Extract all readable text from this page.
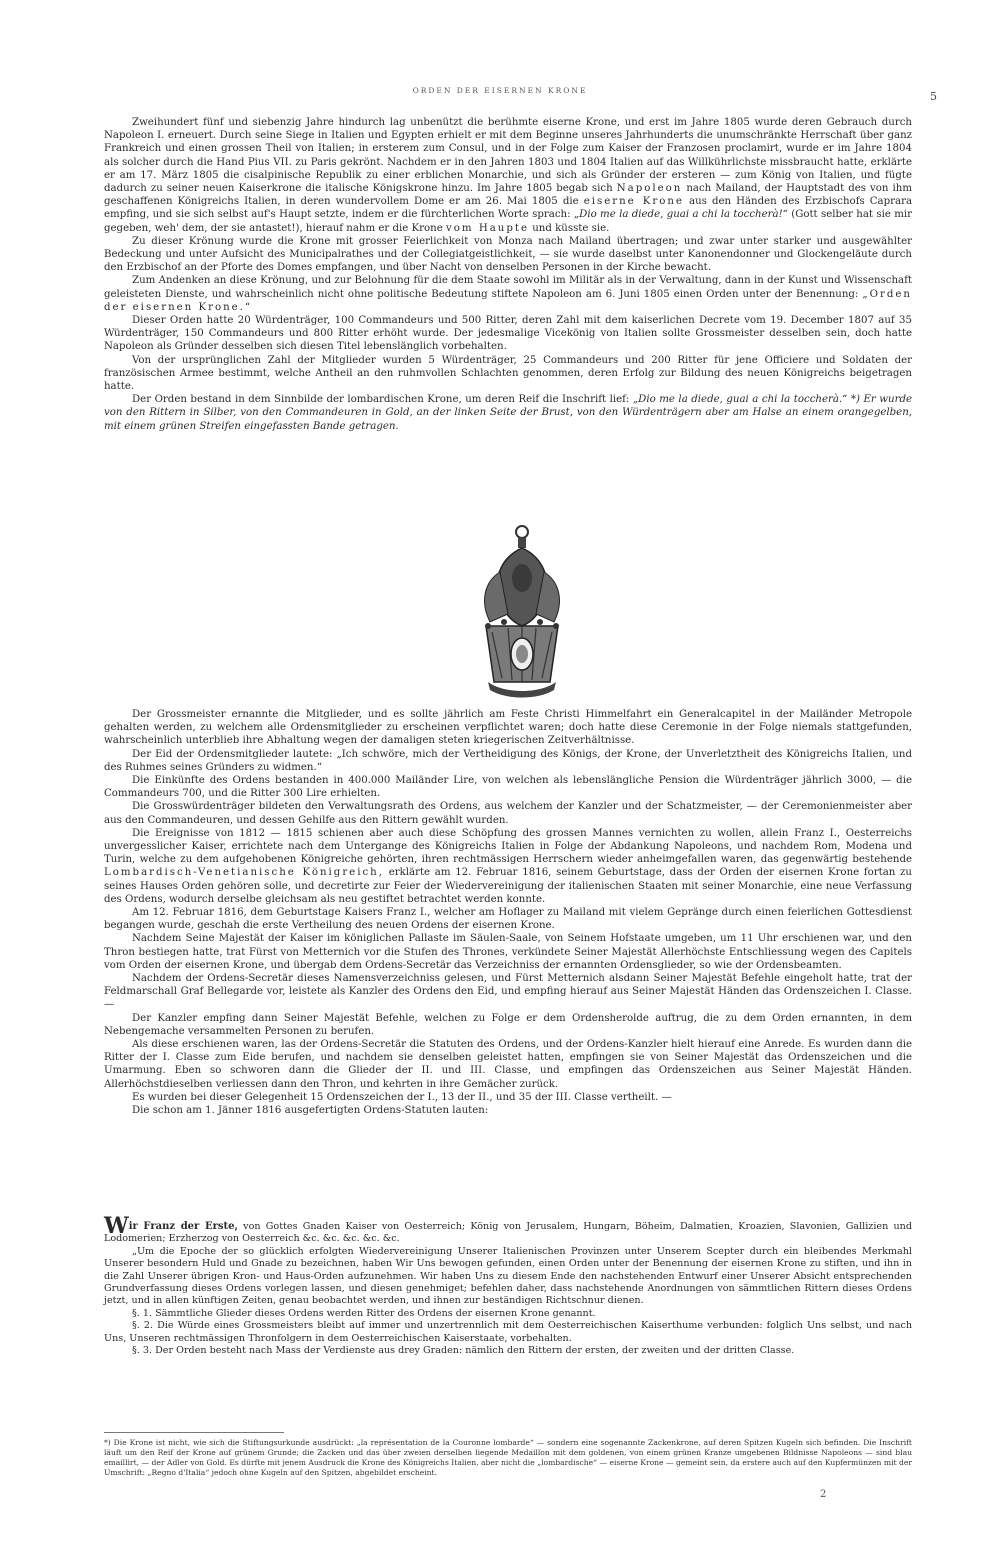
ORDEN DER EISERNEN KRONE	5

Zweihundert fünf und siebenzig Jahre hindurch lag unbenützt die berühmte eiserne Krone, und erst im Jahre 1805 wurde deren Gebrauch durch Napoleon I. erneuert. Durch seine Siege in Italien und Egypten erhielt er mit dem Beginne unseres Jahrhunderts die unumschränkte Herrschaft über ganz Frankreich und einen grossen Theil von Italien; in ersterem zum Consul, und in der Folge zum Kaiser der Franzosen proclamirt, wurde er im Jahre 1804 als solcher durch die Hand Pius VII. zu Paris gekrönt. Nachdem er in den Jahren 1803 und 1804 Italien auf das Willkührlichste missbraucht hatte, erklärte er am 17. März 1805 die cisalpinische Republik zu einer erblichen Monarchie, und sich als Gründer der ersteren — zum König von Italien, und fügte dadurch zu seiner neuen Kaiserkrone die italische Königskrone hinzu. Im Jahre 1805 begab sich Napoleon nach Mailand, der Hauptstadt des von ihm geschaffenen Königreichs Italien, in deren wundervollem Dome er am 26. Mai 1805 die eiserne Krone aus den Händen des Erzbischofs Caprara empfing, und sie sich selbst auf's Haupt setzte, indem er die fürchterlichen Worte sprach: „Dio me la diede, guai a chi la toccherà!“ (Gott selber hat sie mir gegeben, weh' dem, der sie antastet!), hierauf nahm er die Krone vom Haupte und küsste sie.

Zu dieser Krönung wurde die Krone mit grosser Feierlichkeit von Monza nach Mailand übertragen; und zwar unter starker und ausgewählter Bedeckung und unter Aufsicht des Municipalrathes und der Collegiatgeistlichkeit, — sie wurde daselbst unter Kanonendonner und Glockengeläute durch den Erzbischof an der Pforte des Domes empfangen, und über Nacht von denselben Personen in der Kirche bewacht.

Zum Andenken an diese Krönung, und zur Belohnung für die dem Staate sowohl im Militär als in der Verwaltung, dann in der Kunst und Wissenschaft geleisteten Dienste, und wahrscheinlich nicht ohne politische Bedeutung stiftete Napoleon am 6. Juni 1805 einen Orden unter der Benennung: „Orden der eisernen Krone.“

Dieser Orden hatte 20 Würdenträger, 100 Commandeurs und 500 Ritter, deren Zahl mit dem kaiserlichen Decrete vom 19. December 1807 auf 35 Würdenträger, 150 Commandeurs und 800 Ritter erhöht wurde. Der jedesmalige Vicekönig von Italien sollte Grossmeister desselben sein, doch hatte Napoleon als Gründer desselben sich diesen Titel lebenslänglich vorbehalten.

Von der ursprünglichen Zahl der Mitglieder wurden 5 Würdenträger, 25 Commandeurs und 200 Ritter für jene Officiere und Soldaten der französischen Armee bestimmt, welche Antheil an den ruhmvollen Schlachten genommen, deren Erfolg zur Bildung des neuen Königreichs beigetragen hatte.

Der Orden bestand in dem Sinnbilde der lombardischen Krone, um deren Reif die Inschrift lief: „Dio me la diede, guai a chi la toccherà.“ *) Er wurde von den Rittern in Silber, von den Commandeuren in Gold, an der linken Seite der Brust, von den Würdenträgern aber am Halse an einem orangegelben, mit einem grünen Streifen eingefassten Bande getragen.

Der Grossmeister ernannte die Mitglieder, und es sollte jährlich am Feste Christi Himmelfahrt ein Generalcapitel in der Mailänder Metropole gehalten werden, zu welchem alle Ordensmitglieder zu erscheinen verpflichtet waren; doch hatte diese Ceremonie in der Folge niemals stattgefunden, wahrscheinlich unterblieb ihre Abhaltung wegen der damaligen steten kriegerischen Zeitverhältnisse.

Der Eid der Ordensmitglieder lautete: „Ich schwöre, mich der Vertheidigung des Königs, der Krone, der Unverletztheit des Königreichs Italien, und des Ruhmes seines Gründers zu widmen.“

Die Einkünfte des Ordens bestanden in 400.000 Mailänder Lire, von welchen als lebenslängliche Pension die Würdenträger jährlich 3000, — die Commandeurs 700, und die Ritter 300 Lire erhielten.

Die Grosswürdenträger bildeten den Verwaltungsrath des Ordens, aus welchem der Kanzler und der Schatzmeister, — der Ceremonienmeister aber aus den Commandeuren, und dessen Gehilfe aus den Rittern gewählt wurden.

Die Ereignisse von 1812 — 1815 schienen aber auch diese Schöpfung des grossen Mannes vernichten zu wollen, allein Franz I., Oesterreichs unvergesslicher Kaiser, errichtete nach dem Untergange des Königreichs Italien in Folge der Abdankung Napoleons, und nachdem Rom, Modena und Turin, welche zu dem aufgehobenen Königreiche gehörten, ihren rechtmässigen Herrschern wieder anheimgefallen waren, das gegenwärtig bestehende Lombardisch-Venetianische Königreich, erklärte am 12. Februar 1816, seinem Geburtstage, dass der Orden der eisernen Krone fortan zu seines Hauses Orden gehören solle, und decretirte zur Feier der Wiedervereinigung der italienischen Staaten mit seiner Monarchie, eine neue Verfassung des Ordens, wodurch derselbe gleichsam als neu gestiftet betrachtet werden konnte.

Am 12. Februar 1816, dem Geburtstage Kaisers Franz I., welcher am Hoflager zu Mailand mit vielem Gepränge durch einen feierlichen Gottesdienst begangen wurde, geschah die erste Vertheilung des neuen Ordens der eisernen Krone.

Nachdem Seine Majestät der Kaiser im königlichen Pallaste im Säulen-Saale, von Seinem Hofstaate umgeben, um 11 Uhr erschienen war, und den Thron bestiegen hatte, trat Fürst von Metternich vor die Stufen des Thrones, verkündete Seiner Majestät Allerhöchste Entschliessung wegen des Capitels vom Orden der eisernen Krone, und übergab dem Ordens-Secretär das Verzeichniss der ernannten Ordensglieder, so wie der Ordensbeamten.

Nachdem der Ordens-Secretär dieses Namensverzeichniss gelesen, und Fürst Metternich alsdann Seiner Majestät Befehle eingeholt hatte, trat der Feldmarschall Graf Bellegarde vor, leistete als Kanzler des Ordens den Eid, und empfing hierauf aus Seiner Majestät Händen das Ordenszeichen I. Classe. —

Der Kanzler empfing dann Seiner Majestät Befehle, welchen zu Folge er dem Ordensherolde auftrug, die zu dem Orden ernannten, in dem Nebengemache versammelten Personen zu berufen.

Als diese erschienen waren, las der Ordens-Secretär die Statuten des Ordens, und der Ordens-Kanzler hielt hierauf eine Anrede. Es wurden dann die Ritter der I. Classe zum Eide berufen, und nachdem sie denselben geleistet hatten, empfingen sie von Seiner Majestät das Ordenszeichen und die Umarmung. Eben so schworen dann die Glieder der II. und III. Classe, und empfingen das Ordenszeichen aus Seiner Majestät Händen. Allerhöchstdieselben verliessen dann den Thron, und kehrten in ihre Gemächer zurück.

Es wurden bei dieser Gelegenheit 15 Ordenszeichen der I., 13 der II., und 35 der III. Classe vertheilt. —

Die schon am 1. Jänner 1816 ausgefertigten Ordens-Statuten lauten:

Wir Franz der Erste, von Gottes Gnaden Kaiser von Oesterreich; König von Jerusalem, Hungarn, Böheim, Dalmatien, Kroazien, Slavonien, Gallizien und Lodomerien; Erzherzog von Oesterreich &c. &c. &c. &c. &c.

„Um die Epoche der so glücklich erfolgten Wiedervereinigung Unserer Italienischen Provinzen unter Unserem Scepter durch ein bleibendes Merkmahl Unserer besondern Huld und Gnade zu bezeichnen, haben Wir Uns bewogen gefunden, einen Orden unter der Benennung der eisernen Krone zu stiften, und ihn in die Zahl Unserer übrigen Kron- und Haus-Orden aufzunehmen. Wir haben Uns zu diesem Ende den nachstehenden Entwurf einer Unserer Absicht entsprechenden Grundverfassung dieses Ordens vorlegen lassen, und diesen genehmiget; befehlen daher, dass nachstehende Anordnungen von sämmtlichen Rittern dieses Ordens jetzt, und in allen künftigen Zeiten, genau beobachtet werden, und ihnen zur beständigen Richtschnur dienen.

§. 1. Sämmtliche Glieder dieses Ordens werden Ritter des Ordens der eisernen Krone genannt.

§. 2. Die Würde eines Grossmeisters bleibt auf immer und unzertrennlich mit dem Oesterreichischen Kaiserthume verbunden: folglich Uns selbst, und nach Uns, Unseren rechtmässigen Thronfolgern in dem Oesterreichischen Kaiserstaate, vorbehalten.

§. 3. Der Orden besteht nach Mass der Verdienste aus drey Graden: nämlich den Rittern der ersten, der zweiten und der dritten Classe.

*) Die Krone ist nicht, wie sich die Stiftungsurkunde ausdrückt: „la représentation de la Couronne lombarde“ — sondern eine sogenannte Zackenkrone, auf deren Spitzen Kugeln sich befinden. Die Inschrift läuft um den Reif der Krone auf grünem Grunde; die Zacken und das über zweien derselben liegende Medaillon mit dem goldenen, von einem grünen Kranze umgebenen Bildnisse Napoleons — sind blau emaillirt, — der Adler von Gold. Es dürfte mit jenem Ausdruck die Krone des Königreichs Italien, aber nicht die „lombardische“ — eiserne Krone — gemeint sein, da erstere auch auf den Kupfermünzen mit der Umschrift: „Regno d'Italia“ jedoch ohne Kugeln auf den Spitzen, abgebildet erscheint.
2
